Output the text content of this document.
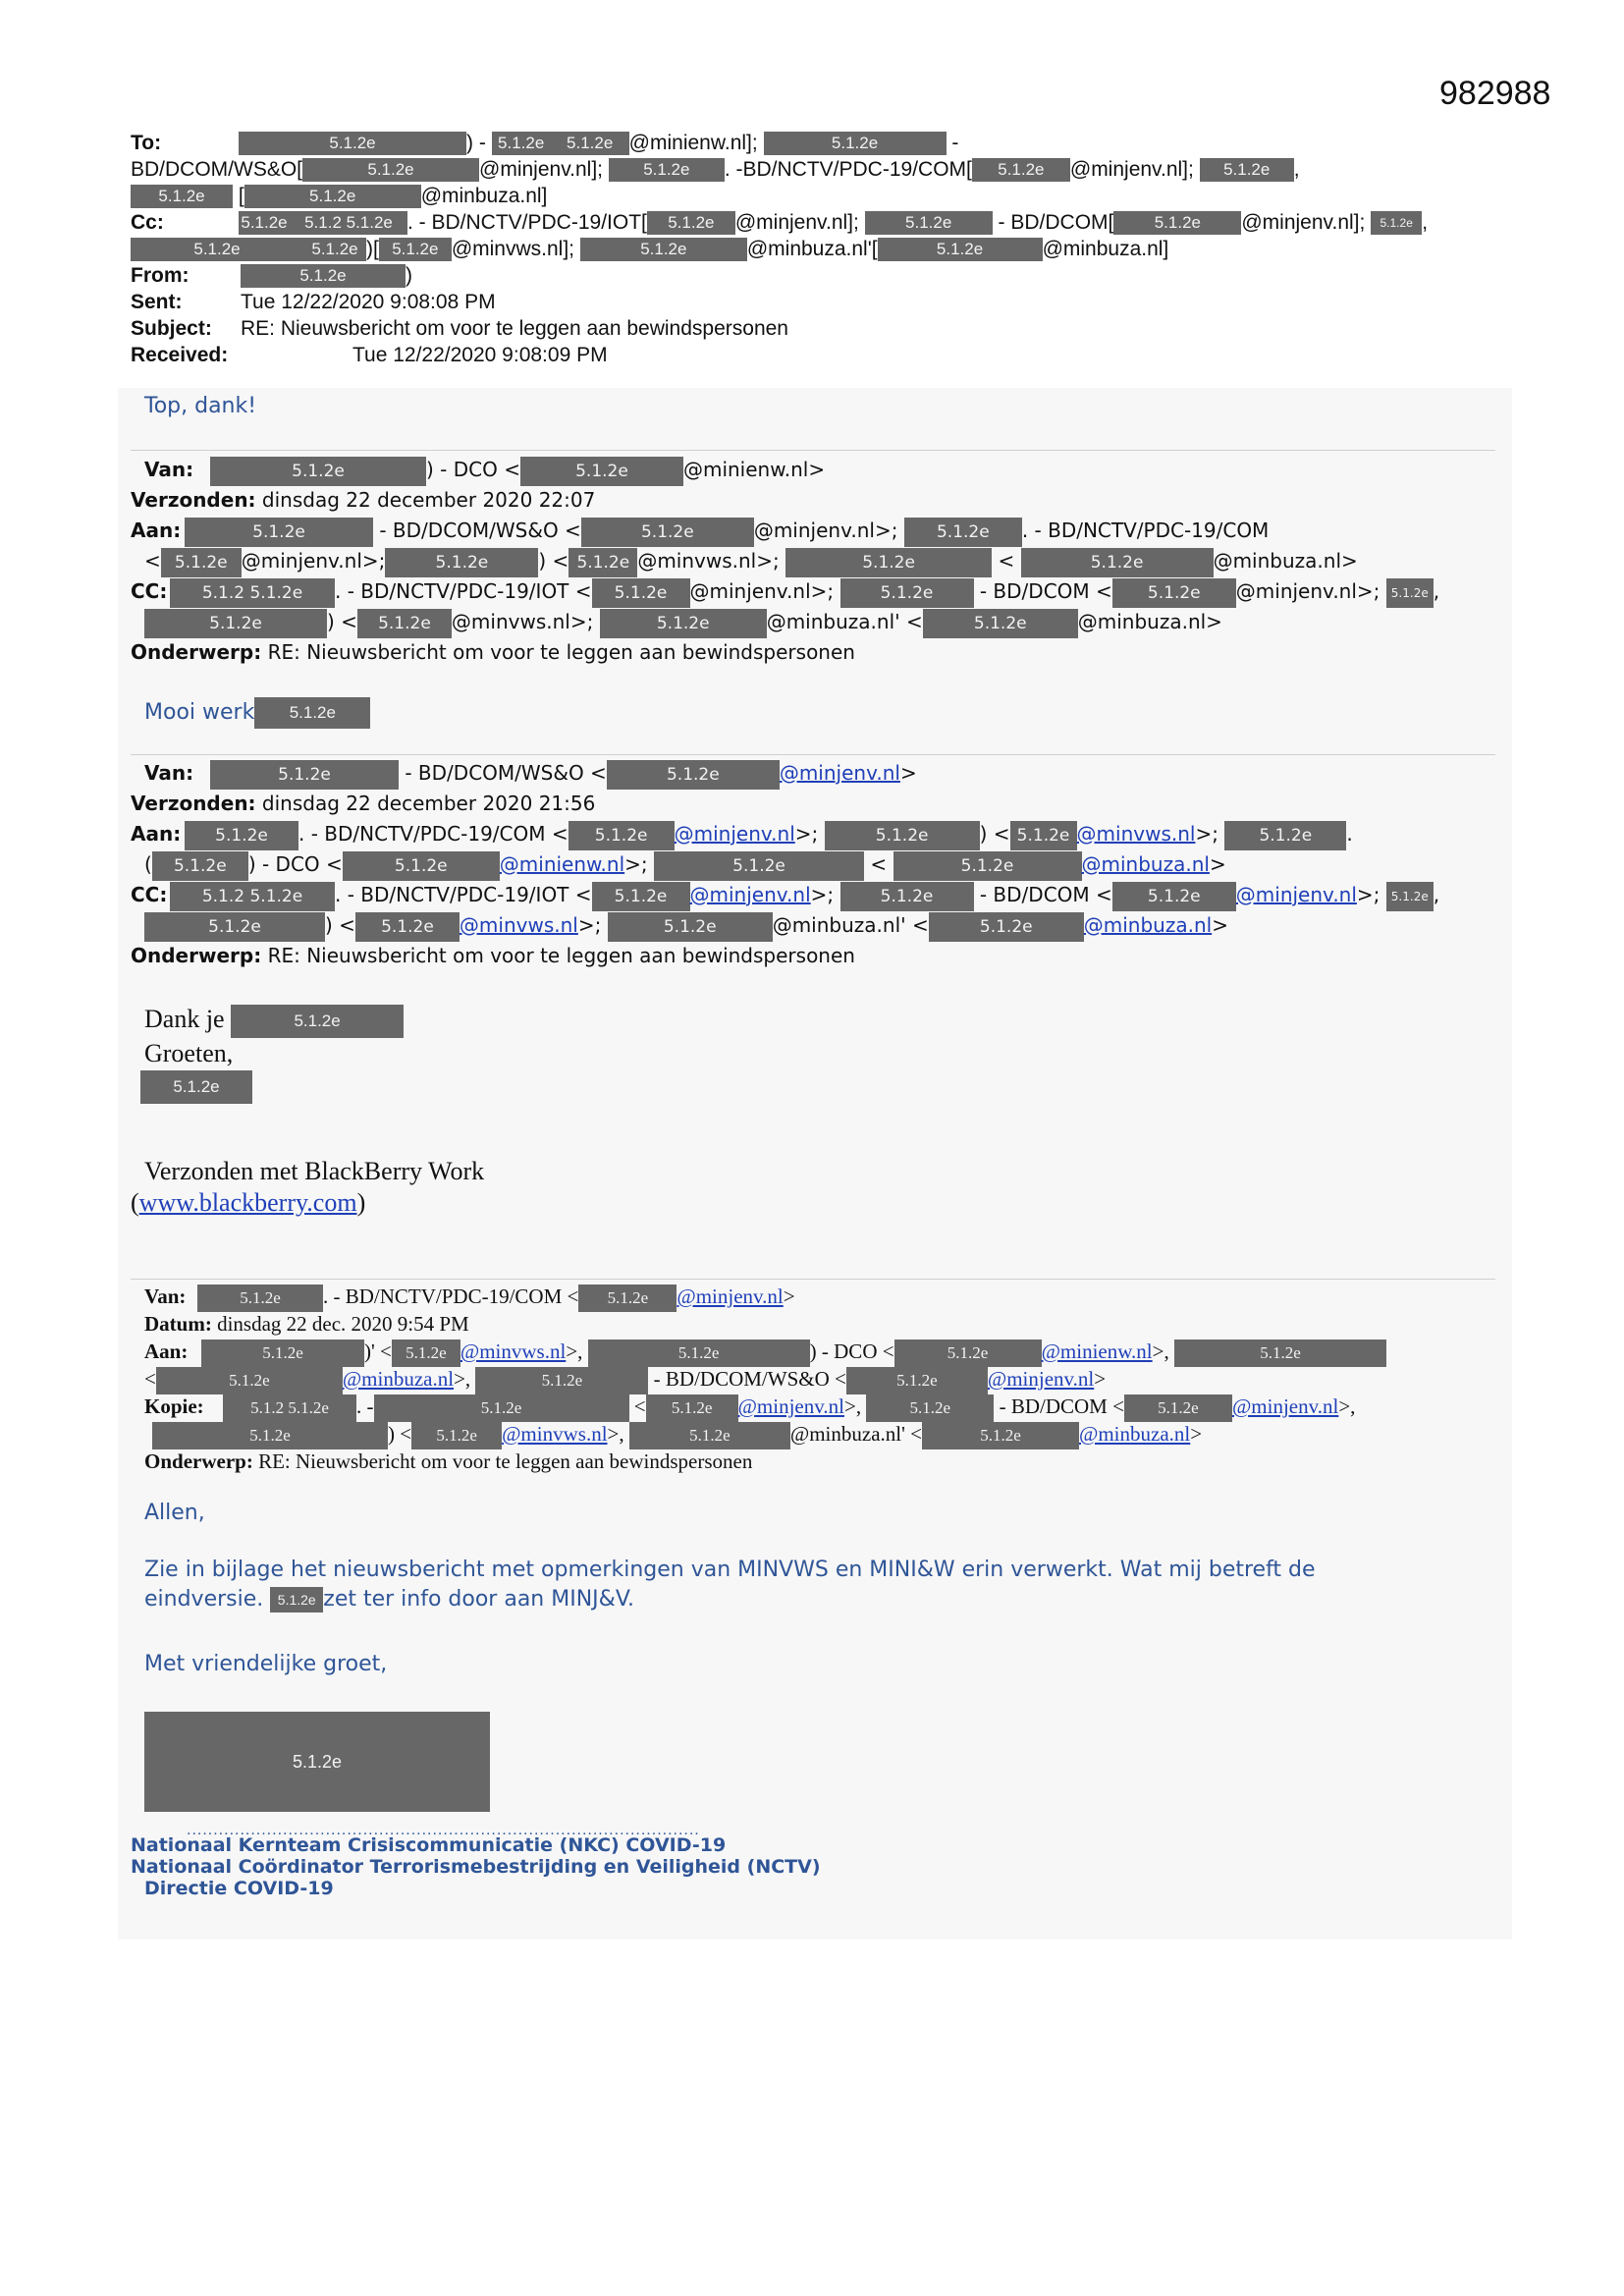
982988
To:	5.1.2e	) - 5.1.2e 5.1.2e @minienw.nl];	5.1.2e	-
BD/DCOM/WS&O[	5.1.2e	@minjenv.nl]; 5.1.2e . -BD/NCTV/PDC-19/COM[ 5.1.2e @minjenv.nl]; 5.1.2e ,
5.1.2e [	5.1.2e	@minbuza.nl]
Cc:	5.1.2e 5.1.2 5.1.2e . - BD/NCTV/PDC-19/IOT[ 5.1.2e @minjenv.nl];	5.1.2e - BD/DCOM[ 5.1.2e @minjenv.nl]; 5.1.2e ,
5.1.2e	5.1.2e )[ 5.1.2e @minvws.nl];	5.1.2e	@minbuza.nl'[	5.1.2e	@minbuza.nl]
From:	5.1.2e	)
Sent:	Tue 12/22/2020 9:08:08 PM
Subject: RE: Nieuwsbericht om voor te leggen aan bewindspersonen
Received:	Tue 12/22/2020 9:08:09 PM
Top, dank!
Van:	5.1.2e	) - DCO <	5.1.2e	@minienw.nl>
Verzonden: dinsdag 22 december 2020 22:07
Aan:	5.1.2e	- BD/DCOM/WS&O <	5.1.2e	@minjenv.nl>; 5.1.2e . - BD/NCTV/PDC-19/COM
< 5.1.2e @minjenv.nl>;	5.1.2e	) < 5.1.2e @minvws.nl>;	5.1.2e	<	5.1.2e	@minbuza.nl>
CC: 5.1.2 5.1.2e . - BD/NCTV/PDC-19/IOT < 5.1.2e @minjenv.nl>;	5.1.2e - BD/DCOM < 5.1.2e @minjenv.nl>; 5.1.2e ,
5.1.2e	) < 5.1.2e @minvws.nl>;	5.1.2e	@minbuza.nl' <	5.1.2e	@minbuza.nl>
Onderwerp: RE: Nieuwsbericht om voor te leggen aan bewindspersonen
Mooi werk 5.1.2e
Van:	5.1.2e	- BD/DCOM/WS&O <	5.1.2e	@minjenv.nl>
Verzonden: dinsdag 22 december 2020 21:56
Aan: 5.1.2e . - BD/NCTV/PDC-19/COM < 5.1.2e @minjenv.nl>;	5.1.2e	) < 5.1.2e @minvws.nl>; 5.1.2e .
( 5.1.2e ) - DCO <	5.1.2e	@minienw.nl>;	5.1.2e	<	5.1.2e	@minbuza.nl>
CC: 5.1.2 5.1.2e . - BD/NCTV/PDC-19/IOT < 5.1.2e @minjenv.nl>;	5.1.2e - BD/DCOM < 5.1.2e @minjenv.nl>; 5.1.2e ,
5.1.2e	) < 5.1.2e @minvws.nl>;	5.1.2e	@minbuza.nl' <	5.1.2e	@minbuza.nl>
Onderwerp: RE: Nieuwsbericht om voor te leggen aan bewindspersonen
Dank je	5.1.2e
Groeten,
5.1.2e
Verzonden met BlackBerry Work
(www.blackberry.com)
Van:	5.1.2e . - BD/NCTV/PDC-19/COM < 5.1.2e @minjenv.nl>
Datum: dinsdag 22 dec. 2020 9:54 PM
Aan:	5.1.2e	)' < 5.1.2e @minvws.nl>,	5.1.2e	) - DCO <	5.1.2e	@minienw.nl>,	5.1.2e
<	5.1.2e	@minbuza.nl>,	5.1.2e	- BD/DCOM/WS&O <	5.1.2e @minjenv.nl>
Kopie:	5.1.2 5.1.2e . -	5.1.2e	< 5.1.2e @minjenv.nl>,	5.1.2e - BD/DCOM < 5.1.2e @minjenv.nl>,
5.1.2e	) < 5.1.2e @minvws.nl>,	5.1.2e	@minbuza.nl' <	5.1.2e	@minbuza.nl>
Onderwerp: RE: Nieuwsbericht om voor te leggen aan bewindspersonen
Allen,
Zie in bijlage het nieuwsbericht met opmerkingen van MINVWS en MINI&W erin verwerkt. Wat mij betreft de
eindversie. 5.1.2e zet ter info door aan MINJ&V.
Met vriendelijke groet,
5.1.2e
................................................................................................
Nationaal Kernteam Crisiscommunicatie (NKC) COVID-19
Nationaal Coördinator Terrorismebestrijding en Veiligheid (NCTV)
Directie COVID-19
